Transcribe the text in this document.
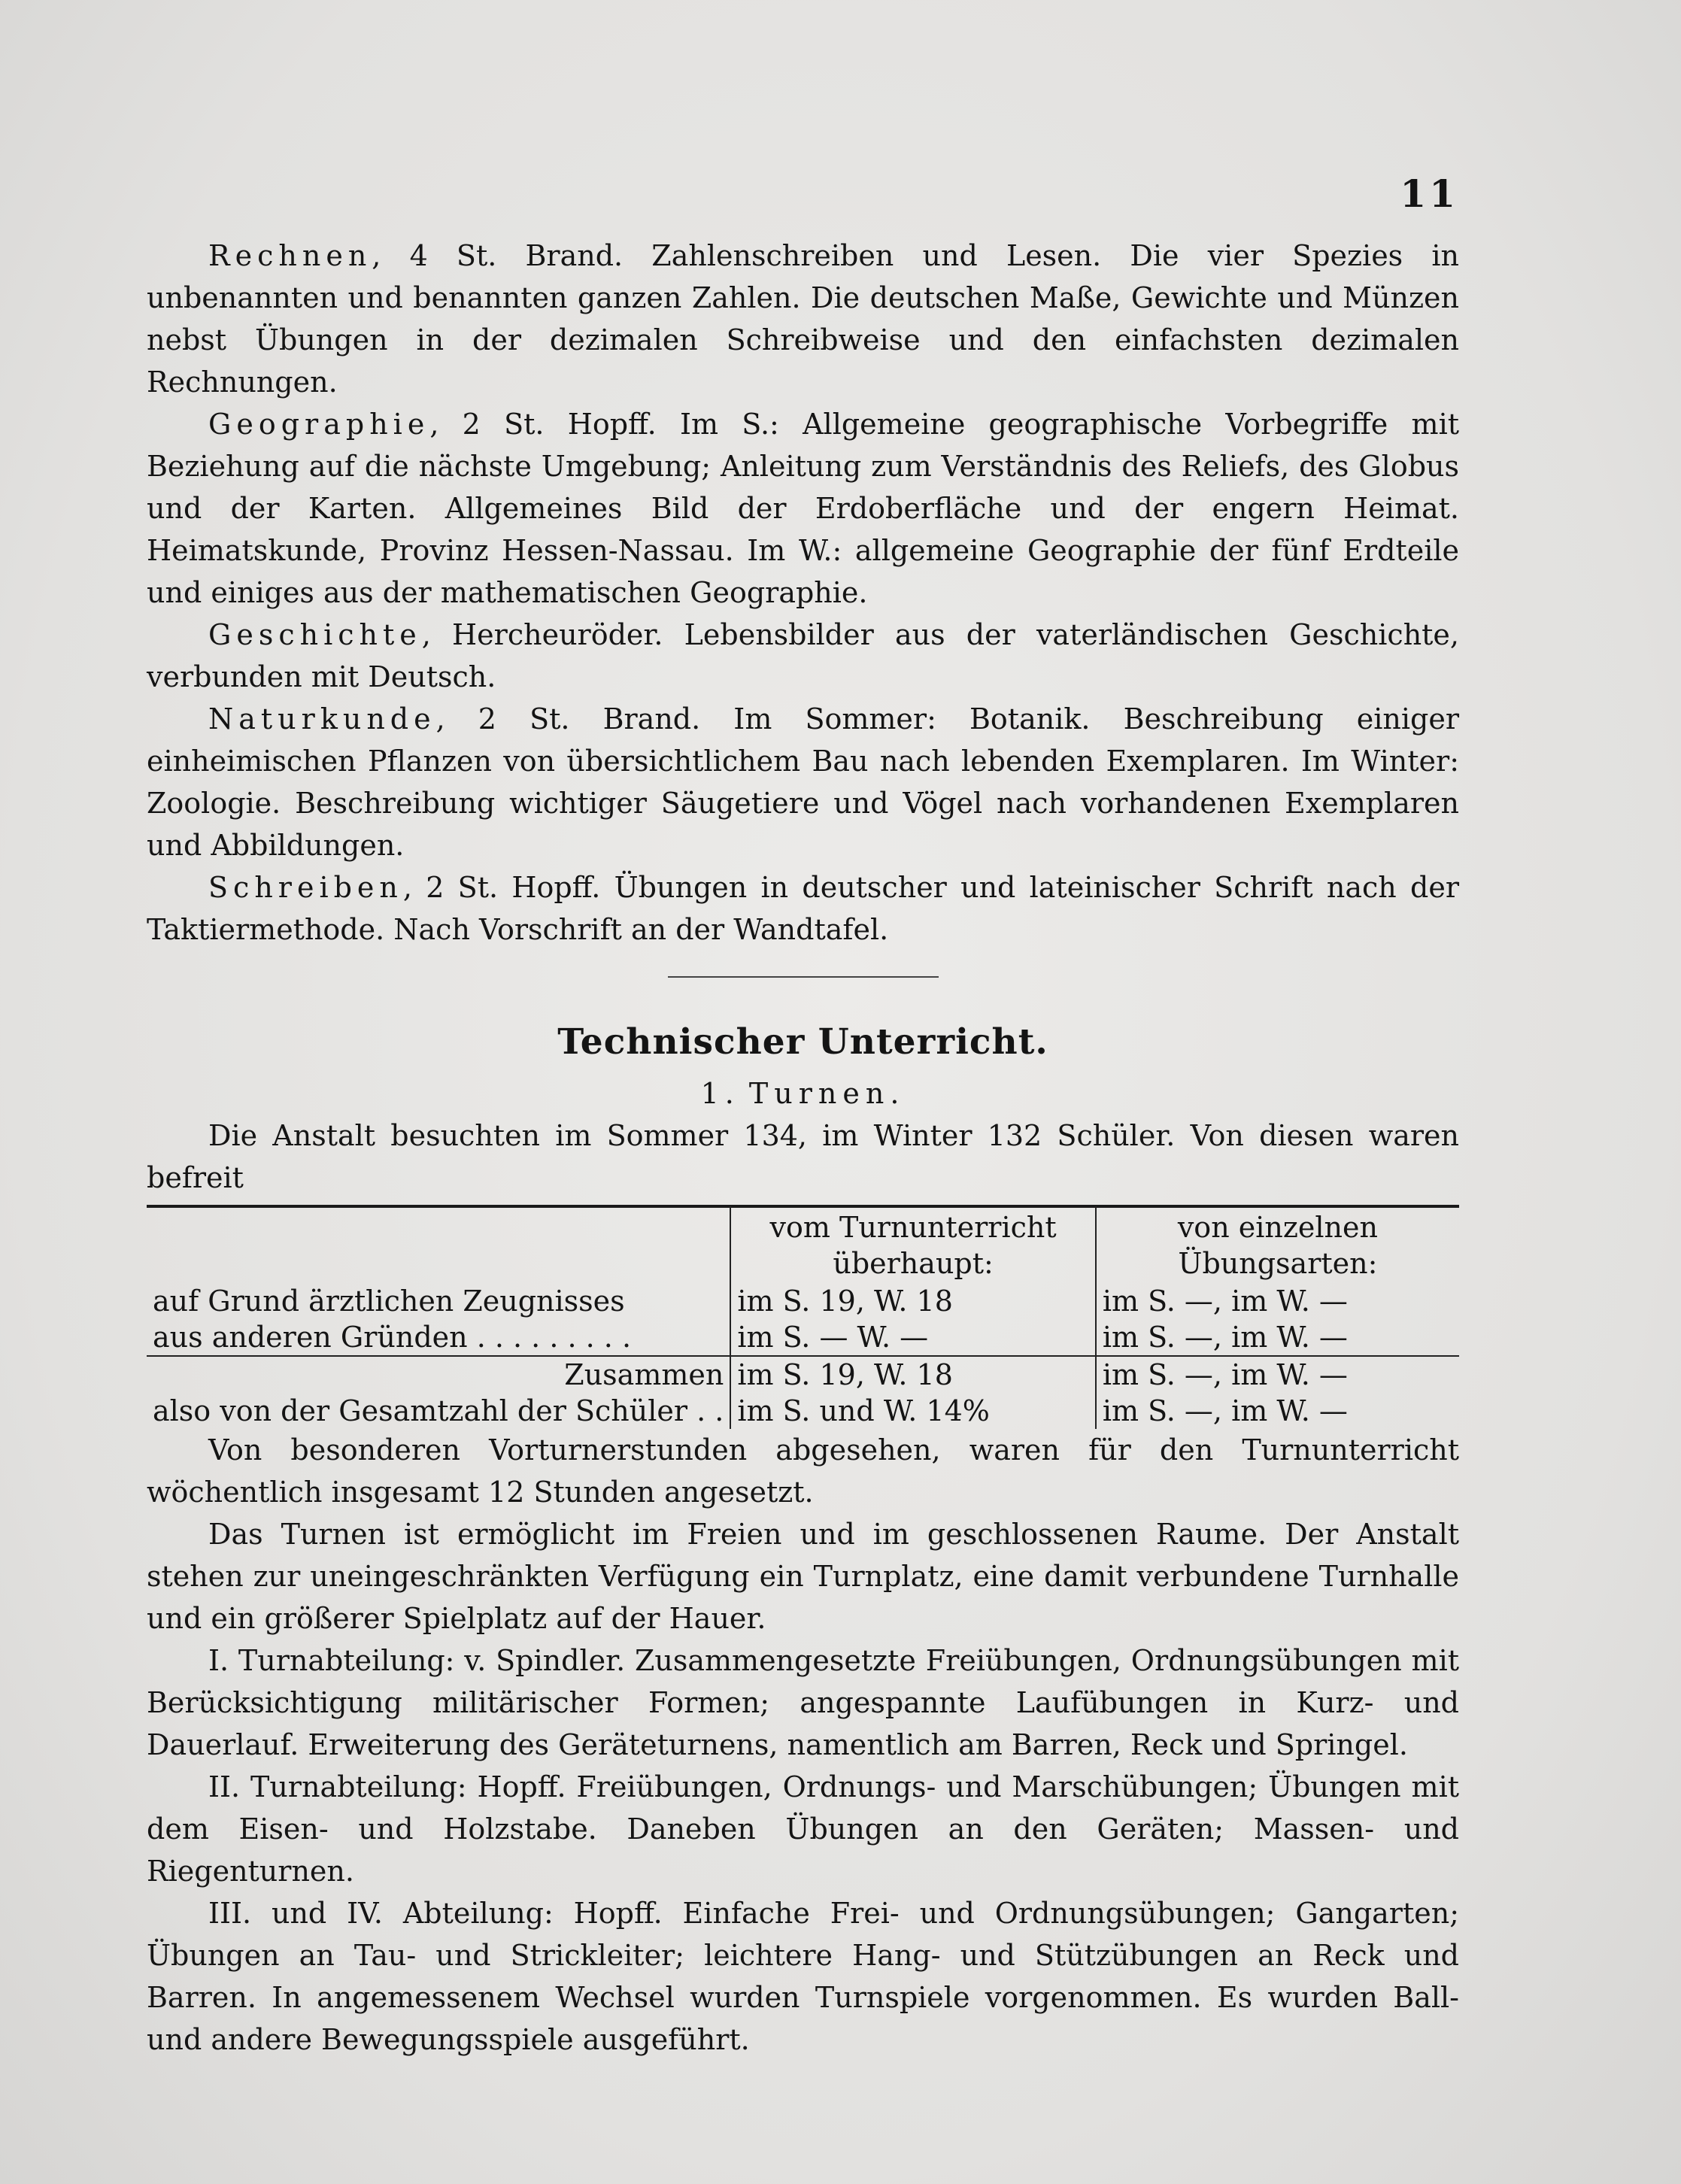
11

Rechnen, 4 St. Brand. Zahlenschreiben und Lesen. Die vier Spezies in unbenannten und benannten ganzen Zahlen. Die deutschen Maße, Gewichte und Münzen nebst Übungen in der dezimalen Schreibweise und den einfachsten dezimalen Rechnungen.

Geographie, 2 St. Hopff. Im S.: Allgemeine geographische Vorbegriffe mit Beziehung auf die nächste Umgebung; Anleitung zum Verständnis des Reliefs, des Globus und der Karten. Allgemeines Bild der Erdoberfläche und der engern Heimat. Heimatskunde, Provinz Hessen-Nassau. Im W.: allgemeine Geographie der fünf Erdteile und einiges aus der mathematischen Geographie.

Geschichte, Hercheuröder. Lebensbilder aus der vaterländischen Geschichte, verbunden mit Deutsch.

Naturkunde, 2 St. Brand. Im Sommer: Botanik. Beschreibung einiger einheimischen Pflanzen von übersichtlichem Bau nach lebenden Exemplaren. Im Winter: Zoologie. Beschreibung wichtiger Säugetiere und Vögel nach vorhandenen Exemplaren und Abbildungen.

Schreiben, 2 St. Hopff. Übungen in deutscher und lateinischer Schrift nach der Taktiermethode. Nach Vorschrift an der Wandtafel.

Technischer Unterricht.

1. Turnen.

Die Anstalt besuchten im Sommer 134, im Winter 132 Schüler. Von diesen waren befreit

	vom Turnunterricht überhaupt:	von einzelnen Übungsarten:

auf Grund ärztlichen Zeugnisses	im S. 19, W. 18	im S. —, im W. —
aus anderen Gründen . . . . . . . . .	im S. — W. —	im S. —, im W. —
Zusammen	im S. 19, W. 18	im S. —, im W. —
also von der Gesamtzahl der Schüler . .	im S. und W. 14%	im S. —, im W. —

Von besonderen Vorturnerstunden abgesehen, waren für den Turnunterricht wöchentlich insgesamt 12 Stunden angesetzt.

Das Turnen ist ermöglicht im Freien und im geschlossenen Raume. Der Anstalt stehen zur uneingeschränkten Verfügung ein Turnplatz, eine damit verbundene Turnhalle und ein größerer Spielplatz auf der Hauer.

I. Turnabteilung: v. Spindler. Zusammengesetzte Freiübungen, Ordnungsübungen mit Berücksichtigung militärischer Formen; angespannte Laufübungen in Kurz- und Dauerlauf. Erweiterung des Geräteturnens, namentlich am Barren, Reck und Springel.

II. Turnabteilung: Hopff. Freiübungen, Ordnungs- und Marschübungen; Übungen mit dem Eisen- und Holzstabe. Daneben Übungen an den Geräten; Massen- und Riegenturnen.

III. und IV. Abteilung: Hopff. Einfache Frei- und Ordnungsübungen; Gangarten; Übungen an Tau- und Strickleiter; leichtere Hang- und Stützübungen an Reck und Barren. In angemessenem Wechsel wurden Turnspiele vorgenommen. Es wurden Ball- und andere Bewegungsspiele ausgeführt.
